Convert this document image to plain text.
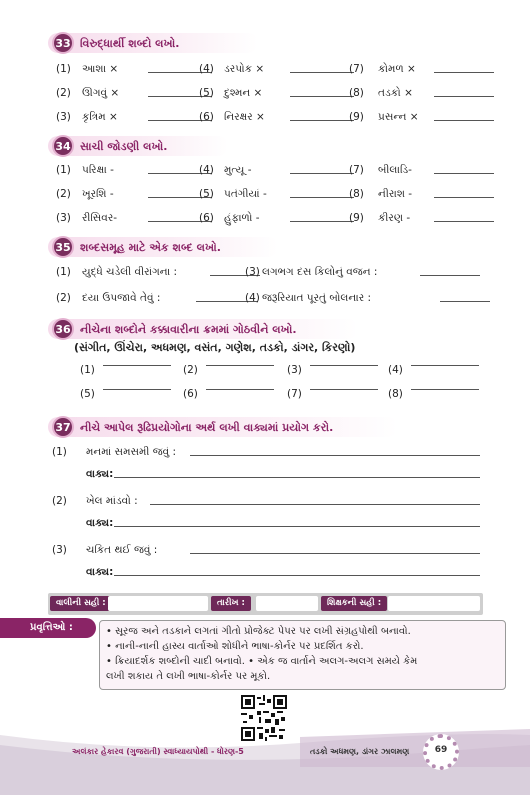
33 વિરુદ્ધાર્થી શબ્દો લખો.
(1) આશા ×	(4) ડરપોક ×	(7) કોમળ ×
(2) ઊગવું ×	(5) દુશ્મન ×	(8) તડકો ×
(3) કૃત્રિમ ×	(6) નિરક્ષર ×	(9) પ્રસન્ન ×
34 સાચી જોડણી લખો.
(1) પરિક્ષા -	(4) મુત્યૂ -	(7) બીલાડિ-
(2) ખૂરશિ -	(5) પતંગીયાં -	(8) નીરાશ -
(3) રીસિવર-	(6) હુંફાળો -	(9) કીરણ -
35 શબ્દસમૂહ માટે એક શબ્દ લખો.
(1) યુદ્ધે ચડેલી વીરાંગના :	(3) લગભગ દસ કિલોનું વજન :
(2) દયા ઉપજાવે તેવું :	(4) જરૂરિયાત પૂરતું બોલનાર :
36 નીચેના શબ્દોને કક્કાવારીના ક્રમમાં ગોઠવીને લખો.
(સંગીત, ઊંચેરા, અધમણ, વસંત, ગણેશ, તડકો, ડાંગર, કિરણો)
(1)	(2)	(3)	(4)
(5)	(6)	(7)	(8)
37 નીચે આપેલ રૂઢિપ્રયોગોના અર્થ લખી વાક્યમાં પ્રયોગ કરો.
(1) મનમાં સમસમી જવું :
વાક્ય:
(2) ખેલ માંડવો :
વાક્ય:
(3) ચકિત થઈ જવું :
વાક્ય:
વાલીની સહી :	તારીખ :	શિક્ષકની સહી :
પ્રવૃત્તિઓ :	• સૂરજ અને તડકાને લગતાં ગીતો પ્રોજેક્ટ પેપર પર લખી સંગ્રહપોથી બનાવો.
• નાની-નાની હાસ્ય વાર્તાઓ શોધીને ભાષા-કોર્નર પર પ્રદર્શિત કરો.
• ક્રિયાદર્શક શબ્દોની ચાદી બનાવો. • એક જ વાર્તાને અલગ-અલગ સમયે કેમ
લખી શકાય તે લખી ભાષા-કોર્નર પર મૂકો.
અલંકાર હેકારવ (ગુજરાતી) સ્વાધ્યાયપોથી - ધોરણ-5	તડકો અધમણ, ડાંગર ઝાલમણ	69
